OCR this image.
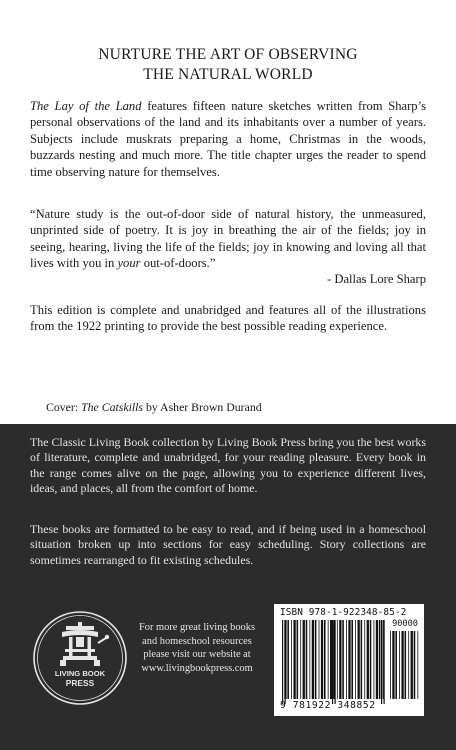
NURTURE THE ART OF OBSERVING
THE NATURAL WORLD
The Lay of the Land features fifteen nature sketches written from Sharp’s personal observations of the land and its inhabitants over a number of years. Subjects include muskrats preparing a home, Christmas in the woods, buzzards nesting and much more. The title chapter urges the reader to spend time observing nature for themselves.
“Nature study is the out-of-door side of natural history, the unmeasured, unprinted side of poetry. It is joy in breathing the air of the fields; joy in seeing, hearing, living the life of the fields; joy in knowing and loving all that lives with you in your out-of-doors.”
- Dallas Lore Sharp
This edition is complete and unabridged and features all of the illustrations from the 1922 printing to provide the best possible reading experience.
Cover: The Catskills by Asher Brown Durand
The Classic Living Book collection by Living Book Press bring you the best works of literature, complete and unabridged, for your reading pleasure. Every book in the range comes alive on the page, allowing you to experience different lives, ideas, and places, all from the comfort of home.
These books are formatted to be easy to read, and if being used in a homeschool situation broken up into sections for easy scheduling. Story collections are sometimes rearranged to fit existing schedules.
LIVING BOOK
PRESS
For more great living books
and homeschool resources
please visit our website at
www.livingbookpress.com
ISBN 978-1-922348-85-2
90000
9 781922 348852
